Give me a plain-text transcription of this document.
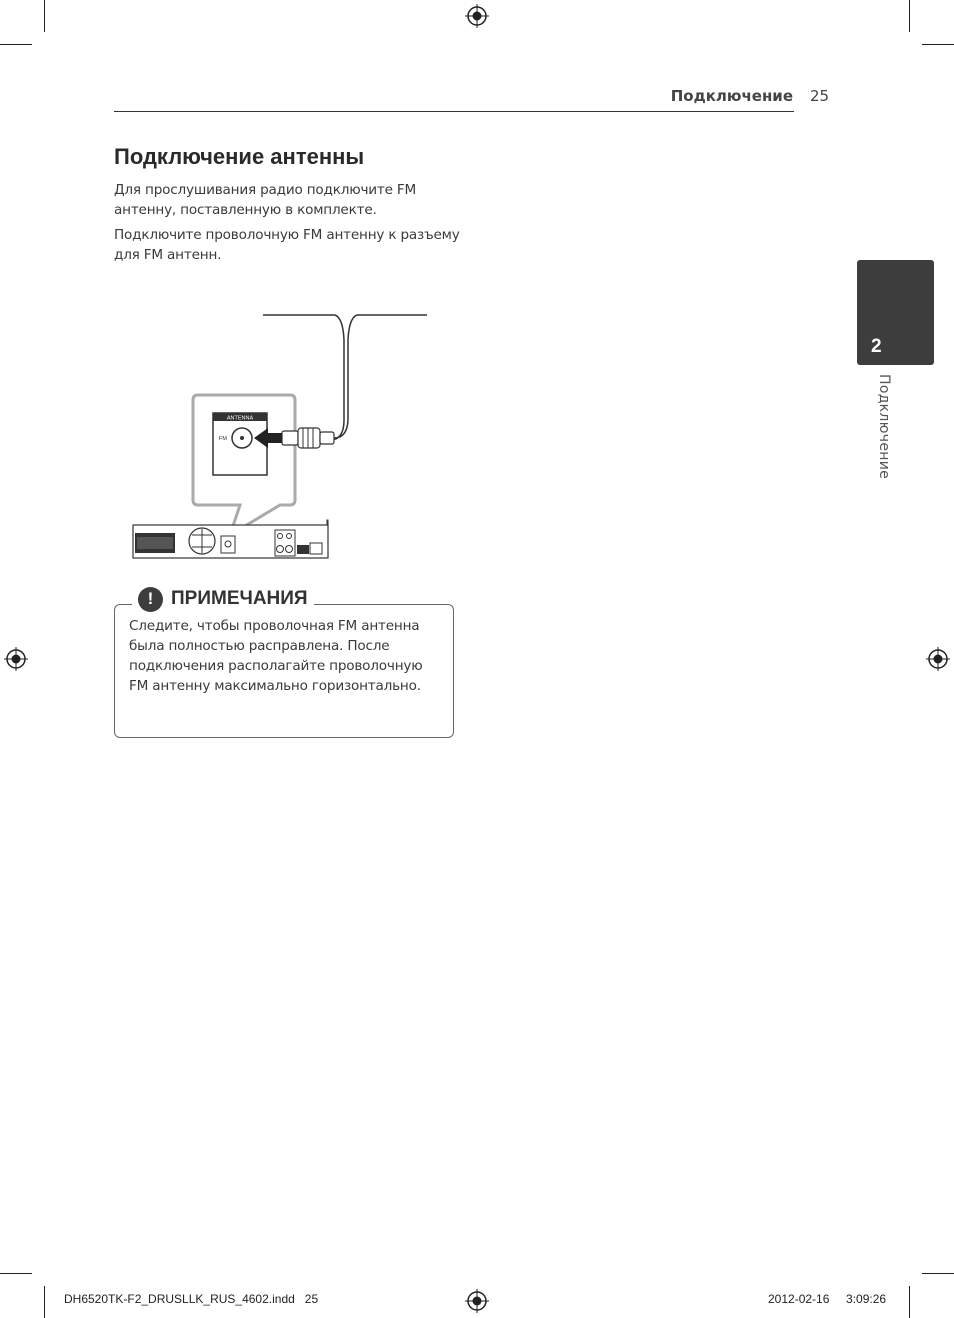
Подключение 25
Подключение антенны
Для прослушивания радио подключите FM антенну, поставленную в комплекте.
Подключите проволочную FM антенну к разъему для FM антенн.
ANTENNA
FM
2
Подключение
! ПРИМЕЧАНИЯ
Следите, чтобы проволочная FM антенна была полностью расправлена. После подключения располагайте проволочную FM антенну максимально горизонтально.
DH6520TK-F2_DRUSLLK_RUS_4602.indd   25	2012-02-16     3:09:26
